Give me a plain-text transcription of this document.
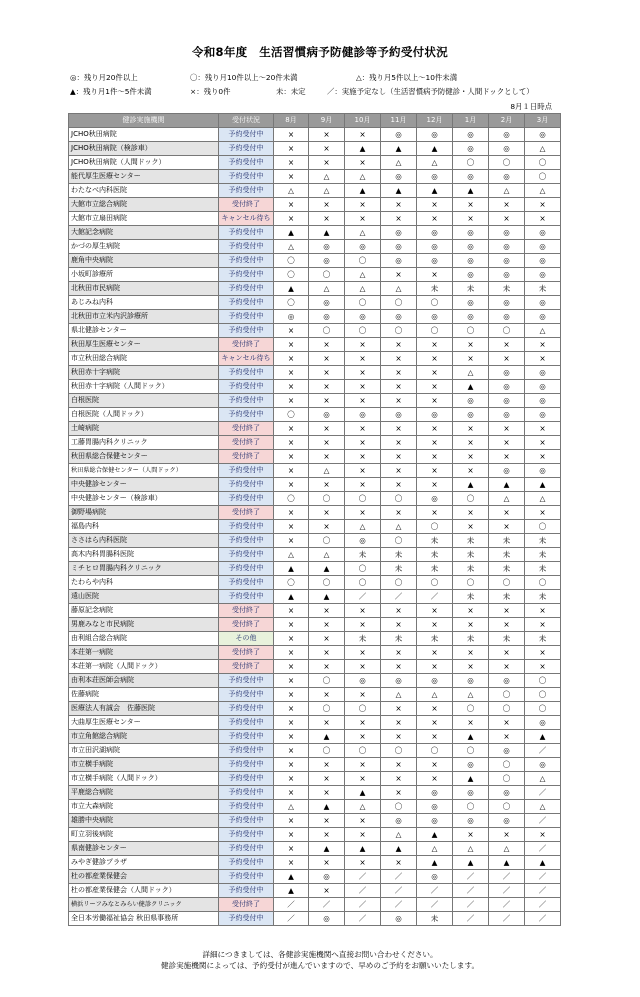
令和8年度　生活習慣病予防健診等予約受付状況
◎：残り月20件以上	〇：残り月10件以上～20件未満	△：残り月5件以上～10件未満
▲：残り月1件～5件未満	×：残り0件	未：未定	／：実施予定なし（生活習慣病予防健診・人間ドックとして）
8月１日時点
健診実施機関	受付状況	8月	9月	10月	11月	12月	1月	2月	3月
JCHO秋田病院	予約受付中	×	×	×	◎	◎	◎	◎	◎
JCHO秋田病院（検診車）	予約受付中	×	×	▲	▲	▲	◎	◎	△
JCHO秋田病院（人間ドック）	予約受付中	×	×	×	△	△	〇	〇	〇
能代厚生医療センター	予約受付中	×	△	△	◎	◎	◎	◎	〇
わたなべ内科医院	予約受付中	△	△	▲	▲	▲	▲	△	△
大館市立総合病院	受付終了	×	×	×	×	×	×	×	×
大館市立扇田病院	キャンセル待ち	×	×	×	×	×	×	×	×
大館記念病院	予約受付中	▲	▲	△	◎	◎	◎	◎	◎
かづの厚生病院	予約受付中	△	◎	◎	◎	◎	◎	◎	◎
鹿角中央病院	予約受付中	〇	◎	〇	◎	◎	◎	◎	◎
小坂町診療所	予約受付中	〇	〇	△	×	×	◎	◎	◎
北秋田市民病院	予約受付中	▲	△	△	△	未	未	未	未
あじみね内科	予約受付中	〇	◎	〇	〇	〇	◎	◎	◎
北秋田市立米内沢診療所	予約受付中	◎	◎	◎	◎	◎	◎	◎	◎
県北健診センター	予約受付中	×	〇	〇	〇	〇	〇	〇	△
秋田厚生医療センター	受付終了	×	×	×	×	×	×	×	×
市立秋田総合病院	キャンセル待ち	×	×	×	×	×	×	×	×
秋田赤十字病院	予約受付中	×	×	×	×	×	△	◎	◎
秋田赤十字病院（人間ドック）	予約受付中	×	×	×	×	×	▲	◎	◎
白根医院	予約受付中	×	×	×	×	×	◎	◎	◎
白根医院（人間ドック）	予約受付中	〇	◎	◎	◎	◎	◎	◎	◎
土崎病院	受付終了	×	×	×	×	×	×	×	×
工藤胃腸内科クリニック	受付終了	×	×	×	×	×	×	×	×
秋田県総合保健センター	受付終了	×	×	×	×	×	×	×	×
秋田県総合保健センター（人間ドック）	予約受付中	×	△	×	×	×	×	◎	◎
中央健診センター	予約受付中	×	×	×	×	×	▲	▲	▲
中央健診センター（検診車）	予約受付中	〇	〇	〇	〇	◎	〇	△	△
御野場病院	受付終了	×	×	×	×	×	×	×	×
福島内科	予約受付中	×	×	△	△	〇	×	×	〇
ささはら内科医院	予約受付中	×	〇	◎	〇	未	未	未	未
高木内科胃腸科医院	予約受付中	△	△	未	未	未	未	未	未
ミチヒロ胃腸内科クリニック	予約受付中	▲	▲	〇	未	未	未	未	未
たわらや内科	予約受付中	〇	〇	〇	〇	〇	〇	〇	〇
遠山医院	予約受付中	▲	▲	／	／	／	未	未	未
藤原記念病院	受付終了	×	×	×	×	×	×	×	×
男鹿みなと市民病院	受付終了	×	×	×	×	×	×	×	×
由利組合総合病院	その他	×	×	未	未	未	未	未	未
本荘第一病院	受付終了	×	×	×	×	×	×	×	×
本荘第一病院（人間ドック）	受付終了	×	×	×	×	×	×	×	×
由利本荘医師会病院	予約受付中	×	〇	◎	◎	◎	◎	◎	〇
佐藤病院	予約受付中	×	×	×	△	△	△	〇	〇
医療法人有誠会　佐藤医院	予約受付中	×	〇	〇	×	×	〇	〇	〇
大曲厚生医療センター	予約受付中	×	×	×	×	×	×	×	◎
市立角館総合病院	予約受付中	×	▲	×	×	×	▲	×	▲
市立田沢湖病院	予約受付中	×	〇	〇	〇	〇	〇	◎	／
市立横手病院	予約受付中	×	×	×	×	×	◎	〇	◎
市立横手病院（人間ドック）	予約受付中	×	×	×	×	×	▲	〇	△
平鹿総合病院	予約受付中	×	×	▲	×	◎	◎	◎	／
市立大森病院	予約受付中	△	▲	△	〇	◎	〇	〇	△
雄勝中央病院	予約受付中	×	×	×	◎	◎	◎	◎	／
町立羽後病院	予約受付中	×	×	×	△	▲	×	×	×
県南健診センター	予約受付中	×	▲	▲	▲	△	△	△	／
みやぎ健診プラザ	予約受付中	×	×	×	×	▲	▲	▲	▲
杜の都産業保健会	予約受付中	▲	◎	／	／	◎	／	／	／
杜の都産業保健会（人間ドック）	予約受付中	▲	×	／	／	／	／	／	／
横浜リーフみなとみらい健診クリニック	受付終了	／	／	／	／	／	／	／	／
全日本労働福祉協会 秋田県事務所	予約受付中	／	◎	／	◎	未	／	／	／
詳細につきましては、各健診実施機関へ直接お問い合わせください。
健診実施機関によっては、予約受付が進んでいますので、早めのご予約をお願いいたします。
